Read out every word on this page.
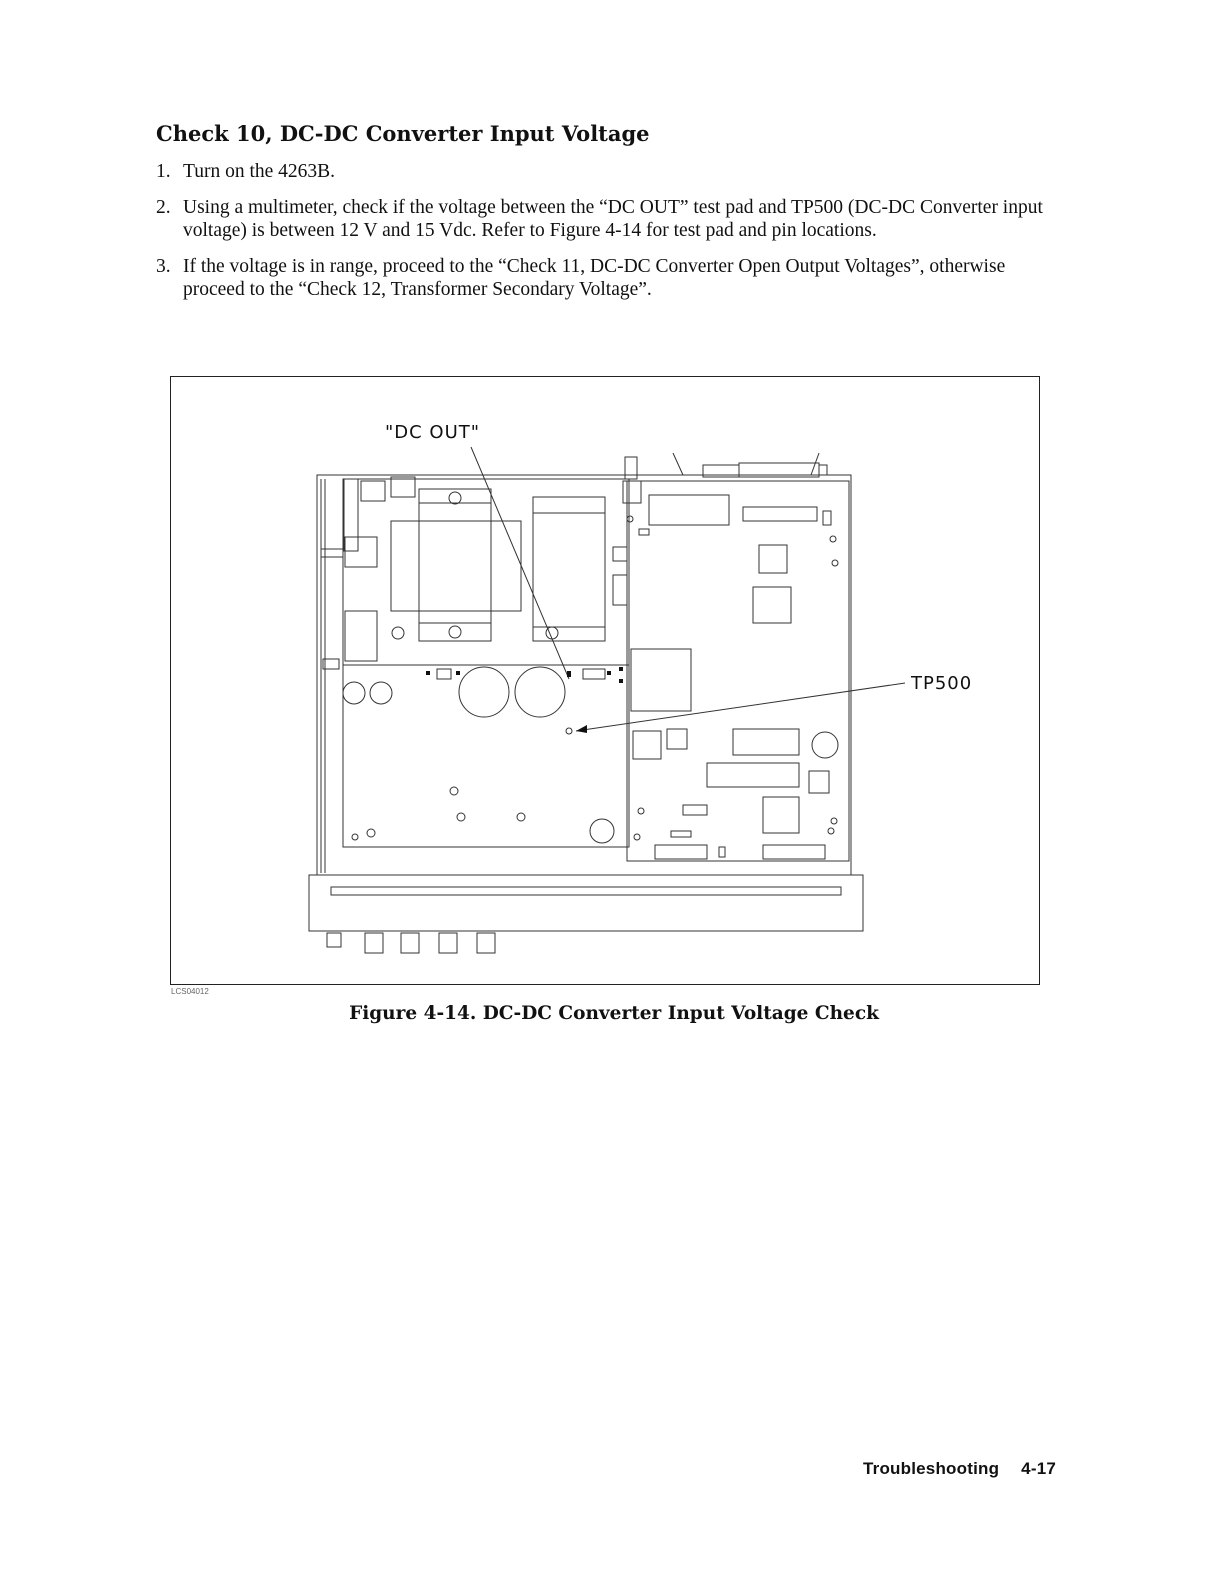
Check 10, DC-DC Converter Input Voltage
1. Turn on the 4263B.
2. Using a multimeter, check if the voltage between the “DC OUT” test pad and TP500 (DC-DC Converter input voltage) is between 12 V and 15 Vdc. Refer to Figure 4-14 for test pad and pin locations.
3. If the voltage is in range, proceed to the “Check 11, DC-DC Converter Open Output Voltages”, otherwise proceed to the “Check 12, Transformer Secondary Voltage”.
"DC OUT"
TP500
LCS04012
Figure 4-14. DC-DC Converter Input Voltage Check
Troubleshooting 4-17
